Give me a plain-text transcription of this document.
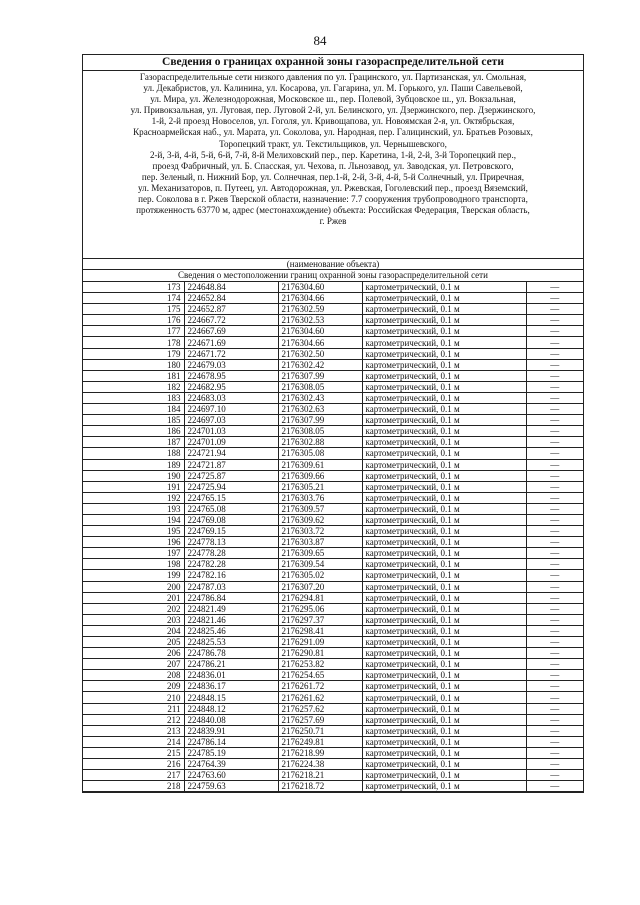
84
Сведения о границах охранной зоны газораспределительной сети
Газораспределительные сети низкого давления по ул. Грацинского, ул. Партизанская, ул. Смольная,
ул. Декабристов, ул. Калинина, ул. Косарова, ул. Гагарина, ул. М. Горького, ул. Паши Савельевой,
ул. Мира, ул. Железнодорожная, Московское ш., пер. Полевой, Зубцовское ш., ул. Вокзальная,
ул. Привокзальная, ул. Луговая, пер. Луговой 2-й, ул. Белинского, ул. Дзержинского, пер. Дзержинского,
1-й, 2-й проезд Новоселов, ул. Гоголя, ул. Кривощапова, ул. Новоямская 2-я, ул. Октябрьская,
Красноармейская наб., ул. Марата, ул. Соколова, ул. Народная, пер. Галицинский, ул. Братьев Розовых,
Торопецкий тракт, ул. Текстильщиков, ул. Чернышевского,
2-й, 3-й, 4-й, 5-й, 6-й, 7-й, 8-й Мелиховский пер., пер. Каретина, 1-й, 2-й, 3-й Торопецкий пер.,
проезд Фабричный, ул. Б. Спасская, ул. Чехова, п. Льнозавод, ул. Заводская, ул. Петровского,
пер. Зеленый, п. Нижний Бор, ул. Солнечная, пер.1-й, 2-й, 3-й, 4-й, 5-й Солнечный, ул. Приречная,
ул. Механизаторов, п. Путеец, ул. Автодорожная, ул. Ржевская, Гоголевский пер., проезд Вяземский,
пер. Соколова в г. Ржев Тверской области, назначение: 7.7 сооружения трубопроводного транспорта,
протяженность 63770 м, адрес (местонахождение) объекта: Российская Федерация, Тверская область,
г. Ржев
(наименование объекта)
Сведения о местоположении границ охранной зоны газораспределительной сети
173	224648.84	2176304.60	картометрический, 0.1 м	—
174	224652.84	2176304.66	картометрический, 0.1 м	—
175	224652.87	2176302.59	картометрический, 0.1 м	—
176	224667.72	2176302.53	картометрический, 0.1 м	—
177	224667.69	2176304.60	картометрический, 0.1 м	—
178	224671.69	2176304.66	картометрический, 0.1 м	—
179	224671.72	2176302.50	картометрический, 0.1 м	—
180	224679.03	2176302.42	картометрический, 0.1 м	—
181	224678.95	2176307.99	картометрический, 0.1 м	—
182	224682.95	2176308.05	картометрический, 0.1 м	—
183	224683.03	2176302.43	картометрический, 0.1 м	—
184	224697.10	2176302.63	картометрический, 0.1 м	—
185	224697.03	2176307.99	картометрический, 0.1 м	—
186	224701.03	2176308.05	картометрический, 0.1 м	—
187	224701.09	2176302.88	картометрический, 0.1 м	—
188	224721.94	2176305.08	картометрический, 0.1 м	—
189	224721.87	2176309.61	картометрический, 0.1 м	—
190	224725.87	2176309.66	картометрический, 0.1 м	—
191	224725.94	2176305.21	картометрический, 0.1 м	—
192	224765.15	2176303.76	картометрический, 0.1 м	—
193	224765.08	2176309.57	картометрический, 0.1 м	—
194	224769.08	2176309.62	картометрический, 0.1 м	—
195	224769.15	2176303.72	картометрический, 0.1 м	—
196	224778.13	2176303.87	картометрический, 0.1 м	—
197	224778.28	2176309.65	картометрический, 0.1 м	—
198	224782.28	2176309.54	картометрический, 0.1 м	—
199	224782.16	2176305.02	картометрический, 0.1 м	—
200	224787.03	2176307.20	картометрический, 0.1 м	—
201	224786.84	2176294.81	картометрический, 0.1 м	—
202	224821.49	2176295.06	картометрический, 0.1 м	—
203	224821.46	2176297.37	картометрический, 0.1 м	—
204	224825.46	2176298.41	картометрический, 0.1 м	—
205	224825.53	2176291.09	картометрический, 0.1 м	—
206	224786.78	2176290.81	картометрический, 0.1 м	—
207	224786.21	2176253.82	картометрический, 0.1 м	—
208	224836.01	2176254.65	картометрический, 0.1 м	—
209	224836.17	2176261.72	картометрический, 0.1 м	—
210	224848.15	2176261.62	картометрический, 0.1 м	—
211	224848.12	2176257.62	картометрический, 0.1 м	—
212	224840.08	2176257.69	картометрический, 0.1 м	—
213	224839.91	2176250.71	картометрический, 0.1 м	—
214	224786.14	2176249.81	картометрический, 0.1 м	—
215	224785.19	2176218.99	картометрический, 0.1 м	—
216	224764.39	2176224.38	картометрический, 0.1 м	—
217	224763.60	2176218.21	картометрический, 0.1 м	—
218	224759.63	2176218.72	картометрический, 0.1 м	—
